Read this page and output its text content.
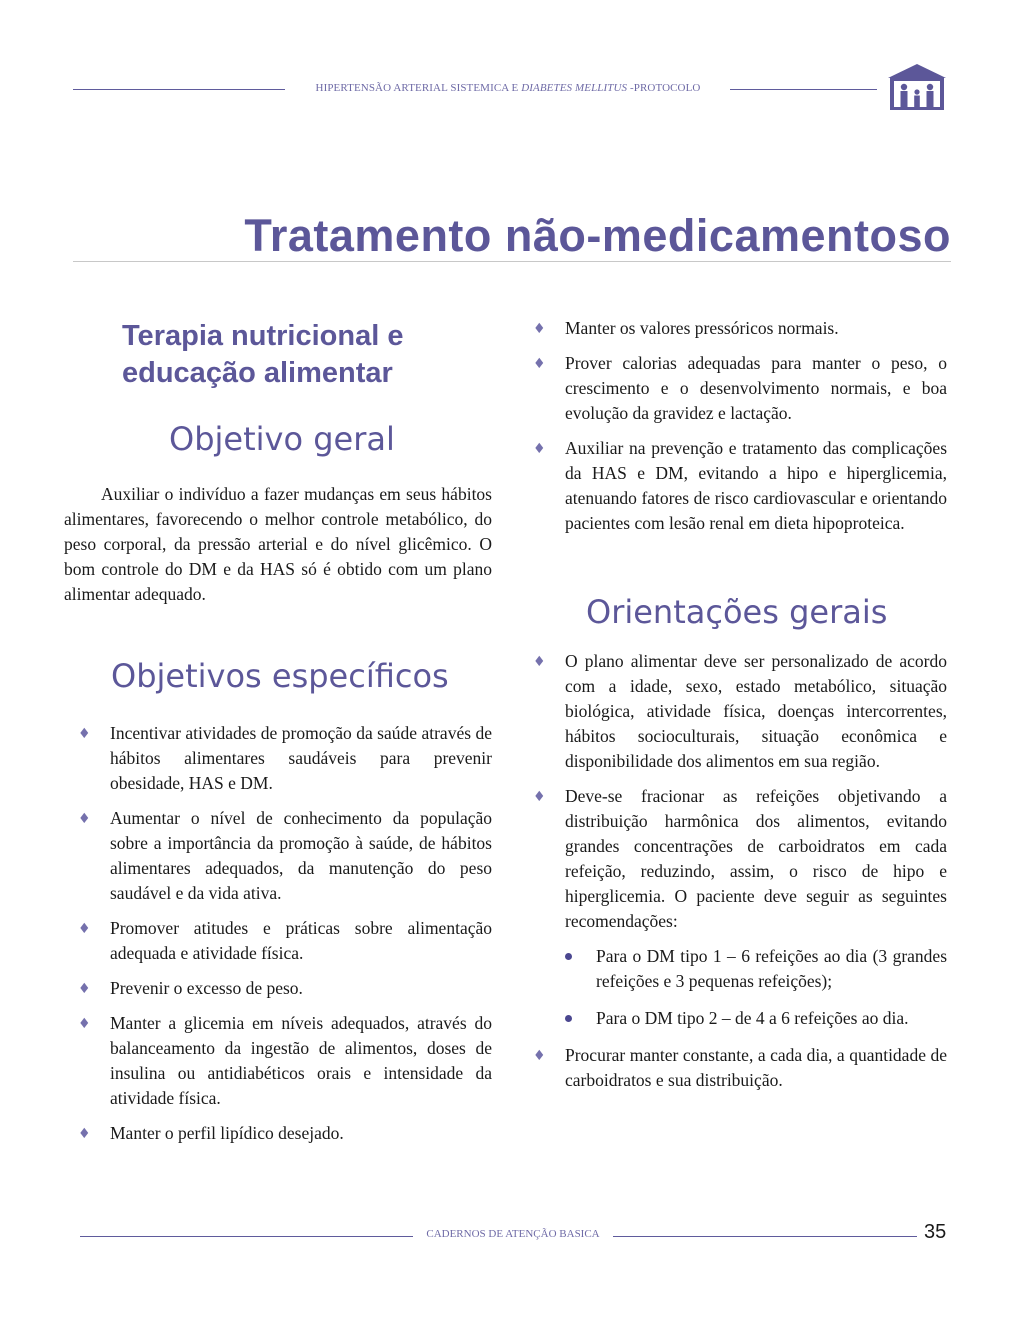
HIPERTENSÃO ARTERIAL SISTEMICA E DIABETES MELLITUS -PROTOCOLO
Tratamento não-medicamentoso
Terapia nutricional e
educação alimentar
Objetivo geral
Auxiliar o indivíduo a fazer mudanças em seus hábitos alimentares, favorecendo o melhor controle metabólico, do peso corporal, da pressão arterial e do nível glicêmico. O bom controle do DM e da HAS só é obtido com um plano alimentar adequado.
Objetivos específicos
♦ Incentivar atividades de promoção da saúde através de hábitos alimentares saudáveis para prevenir obesidade, HAS e DM.
♦ Aumentar o nível de conhecimento da população sobre a importância da promoção à saúde, de hábitos alimentares adequados, da manutenção do peso saudável e da vida ativa.
♦ Promover atitudes e práticas sobre alimentação adequada e atividade física.
♦ Prevenir o excesso de peso.
♦ Manter a glicemia em níveis adequados, através do balanceamento da ingestão de alimentos, doses de insulina ou antidiabéticos orais e intensidade da atividade física.
♦ Manter o perfil lipídico desejado.
♦ Manter os valores pressóricos normais.
♦ Prover calorias adequadas para manter o peso, o crescimento e o desenvolvimento normais, e boa evolução da gravidez e lactação.
♦ Auxiliar na prevenção e tratamento das complicações da HAS e DM, evitando a hipo e hiperglicemia, atenuando fatores de risco cardiovascular e orientando pacientes com lesão renal em dieta hipoproteica.
Orientações gerais
♦ O plano alimentar deve ser personalizado de acordo com a idade, sexo, estado metabólico, situação biológica, atividade física, doenças intercorrentes, hábitos socioculturais, situação econômica e disponibilidade dos alimentos em sua região.
♦ Deve-se fracionar as refeições objetivando a distribuição harmônica dos alimentos, evitando grandes concentrações de carboidratos em cada refeição, reduzindo, assim, o risco de hipo e hiperglicemia. O paciente deve seguir as seguintes recomendações:
Para o DM tipo 1 – 6 refeições ao dia (3 grandes refeições e 3 pequenas refeições);
Para o DM tipo 2 – de 4 a 6 refeições ao dia.
♦ Procurar manter constante, a cada dia, a quantidade de carboidratos e sua distribuição.
CADERNOS DE ATENÇÃO BASICA	35
